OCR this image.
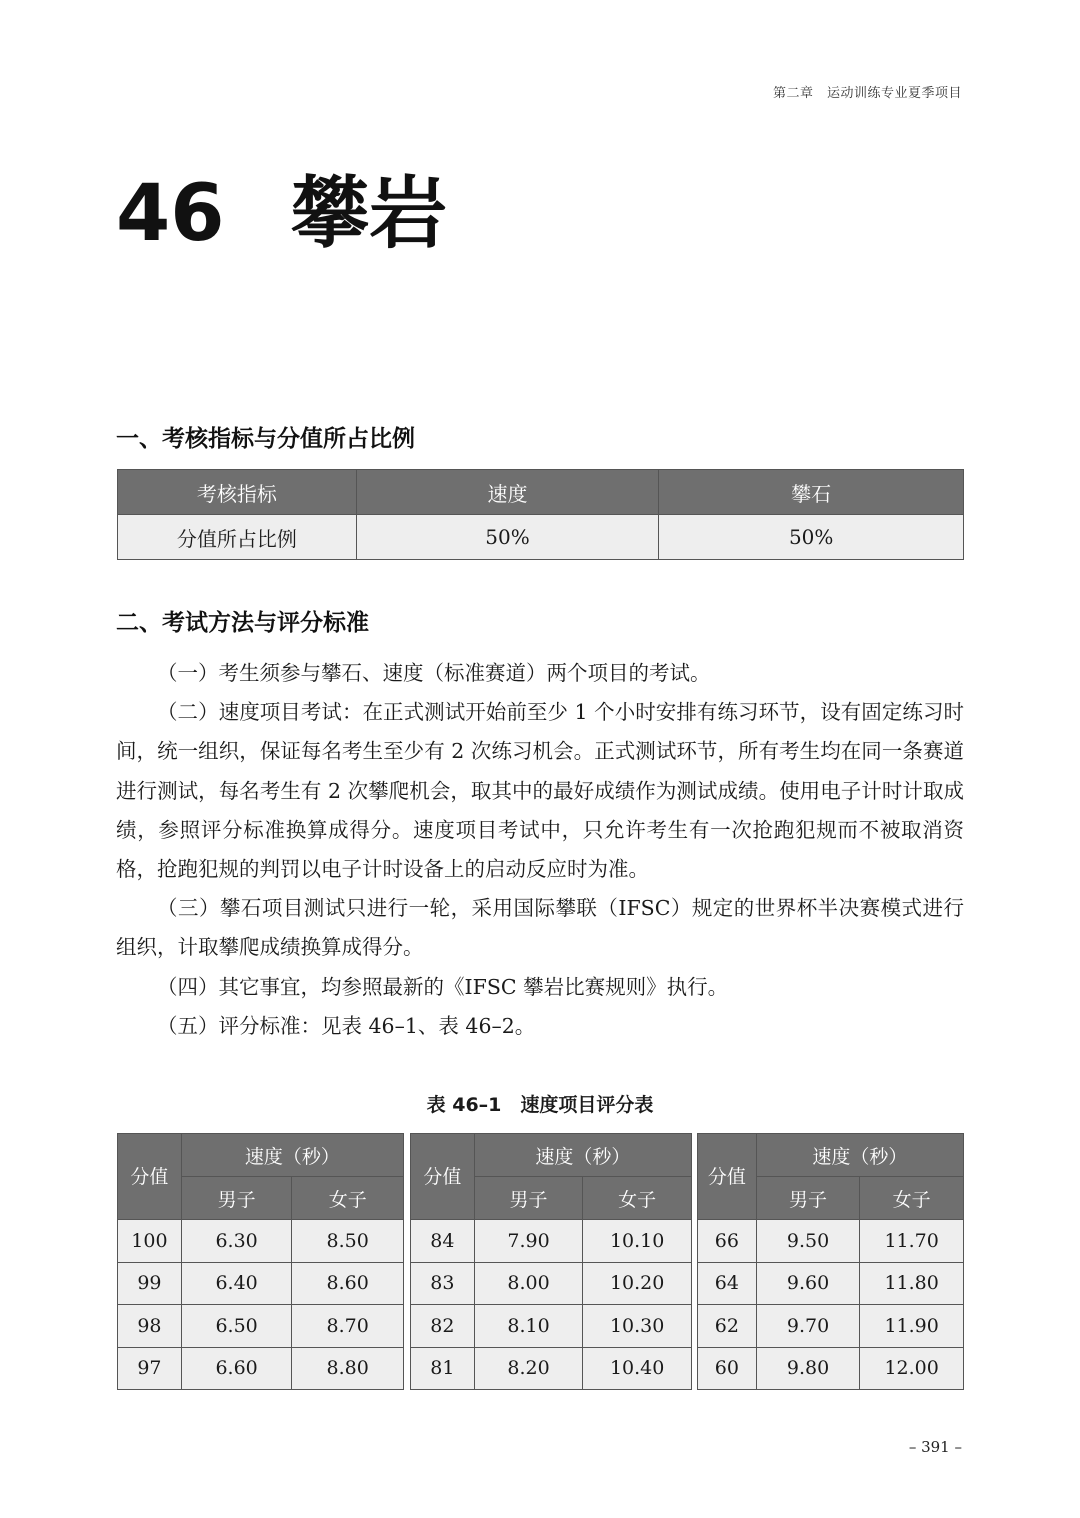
第二章　运动训练专业夏季项目
46 攀岩
一、考核指标与分值所占比例
考核指标	速度	攀石
分值所占比例	50%	50%
二、考试方法与评分标准

（一）考生须参与攀石、速度（标准赛道）两个项目的考试。

（二）速度项目考试：在正式测试开始前至少 1 个小时安排有练习环节，设有固定练习时间，统一组织，保证每名考生至少有 2 次练习机会。正式测试环节，所有考生均在同一条赛道进行测试，每名考生有 2 次攀爬机会，取其中的最好成绩作为测试成绩。使用电子计时计取成绩，参照评分标准换算成得分。速度项目考试中，只允许考生有一次抢跑犯规而不被取消资格，抢跑犯规的判罚以电子计时设备上的启动反应时为准。

（三）攀石项目测试只进行一轮，采用国际攀联（IFSC）规定的世界杯半决赛模式进行组织，计取攀爬成绩换算成得分。

（四）其它事宜，均参照最新的《IFSC 攀岩比赛规则》执行。

（五）评分标准：见表 46–1、表 46–2。

表 46–1　速度项目评分表
分值	速度（秒）	
	男子	女子
100	6.30	8.50
99	6.40	8.60
98	6.50	8.70
97	6.60	8.80
分值	速度（秒）	
	男子	女子
84	7.90	10.10
83	8.00	10.20
82	8.10	10.30
81	8.20	10.40
分值	速度（秒）	
	男子	女子
66	9.50	11.70
64	9.60	11.80
62	9.70	11.90
60	9.80	12.00
– 391 –
